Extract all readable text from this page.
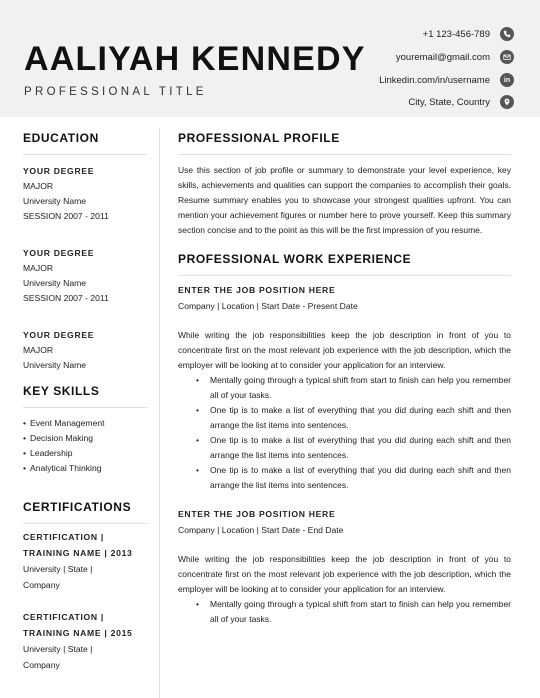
AALIYAH KENNEDY
PROFESSIONAL TITLE
+1 123-456-789
youremail@gmail.com
Linkedin.com/in/username in
City, State, Country
EDUCATION
YOUR DEGREE
MAJOR
University Name
SESSION 2007 - 2011
YOUR DEGREE
MAJOR
University Name
SESSION 2007 - 2011
YOUR DEGREE
MAJOR
University Name
KEY SKILLS
• Event Management
• Decision Making
• Leadership
• Analytical Thinking
CERTIFICATIONS
CERTIFICATION |
TRAINING NAME | 2013
University | State |
Company
CERTIFICATION |
TRAINING NAME | 2015
University | State |
Company
PROFESSIONAL PROFILE

Use this section of job profile or summary to demonstrate your level experience, key skills, achievements and qualities can support the companies to accomplish their goals. Resume summary enables you to showcase your strongest qualities upfront. You can mention your achievement figures or number here to prove yourself. Keep this summary section concise and to the point as this will be the first impression of you resume.

PROFESSIONAL WORK EXPERIENCE
ENTER THE JOB POSITION HERE
Company | Location | Start Date - Present Date

While writing the job responsibilities keep the job description in front of you to concentrate first on the most relevant job experience with the job description, which the employer will be looking at to consider your application for an interview.

• Mentally going through a typical shift from start to finish can help you remember all of your tasks.
• One tip is to make a list of everything that you did during each shift and then arrange the list items into sentences.
• One tip is to make a list of everything that you did during each shift and then arrange the list items into sentences.
• One tip is to make a list of everything that you did during each shift and then arrange the list items into sentences.
ENTER THE JOB POSITION HERE
Company | Location | Start Date - End Date

While writing the job responsibilities keep the job description in front of you to concentrate first on the most relevant job experience with the job description, which the employer will be looking at to consider your application for an interview.

• Mentally going through a typical shift from start to finish can help you remember all of your tasks.
